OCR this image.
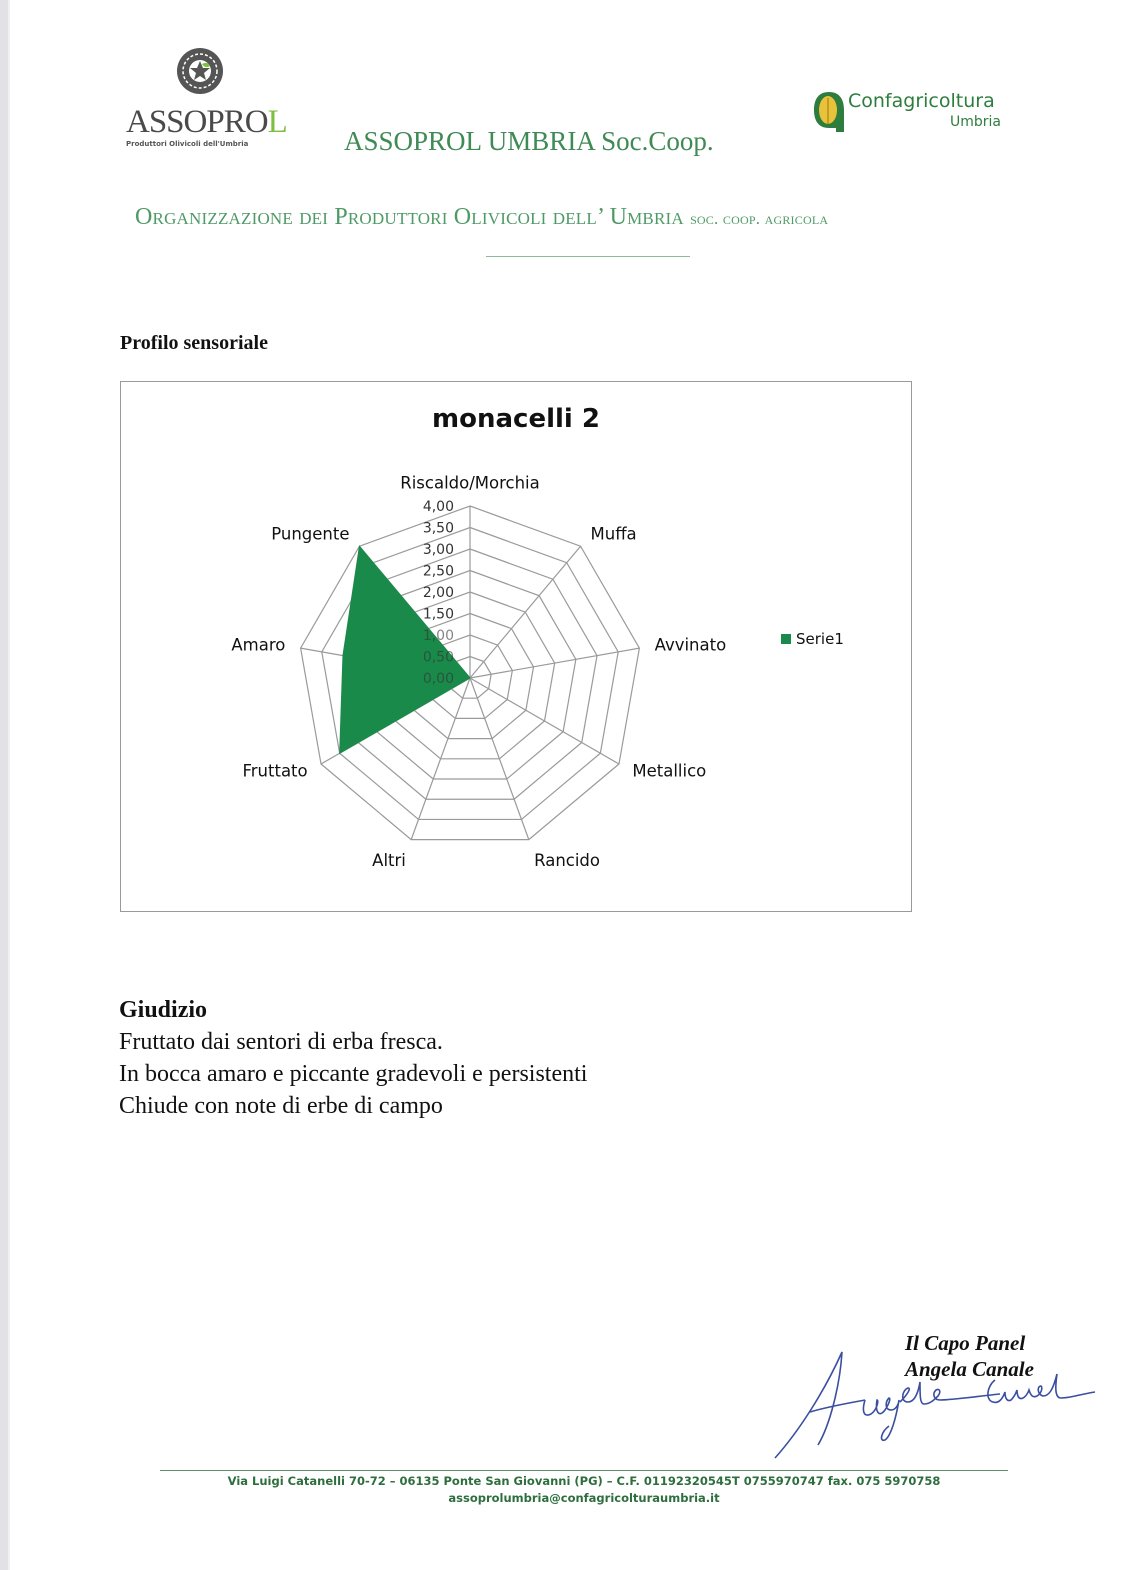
ASSOPROL
Produttori Olivicoli dell'Umbria	ASSOPROL UMBRIA Soc.Coop.
Confagricoltura
Umbria
Organizzazione dei Produttori Olivicoli dell’ Umbria soc. coop. agricola
Profilo sensoriale
monacelli 2
0,00
0,50
1,00
1,50
2,00
2,50
3,00
3,50
4,00
Riscaldo/Morchia
Muffa
Avvinato
Metallico
Rancido
Altri
Fruttato
Amaro
Pungente
Serie1
Giudizio
Fruttato dai sentori di erba fresca.
In bocca amaro e piccante gradevoli e persistenti
Chiude con note di erbe di campo
Il Capo Panel
Angela Canale
Via Luigi Catanelli 70-72 – 06135 Ponte San Giovanni (PG) – C.F. 01192320545T 0755970747 fax. 075 5970758
assoprolumbria@confagricolturaumbria.it
